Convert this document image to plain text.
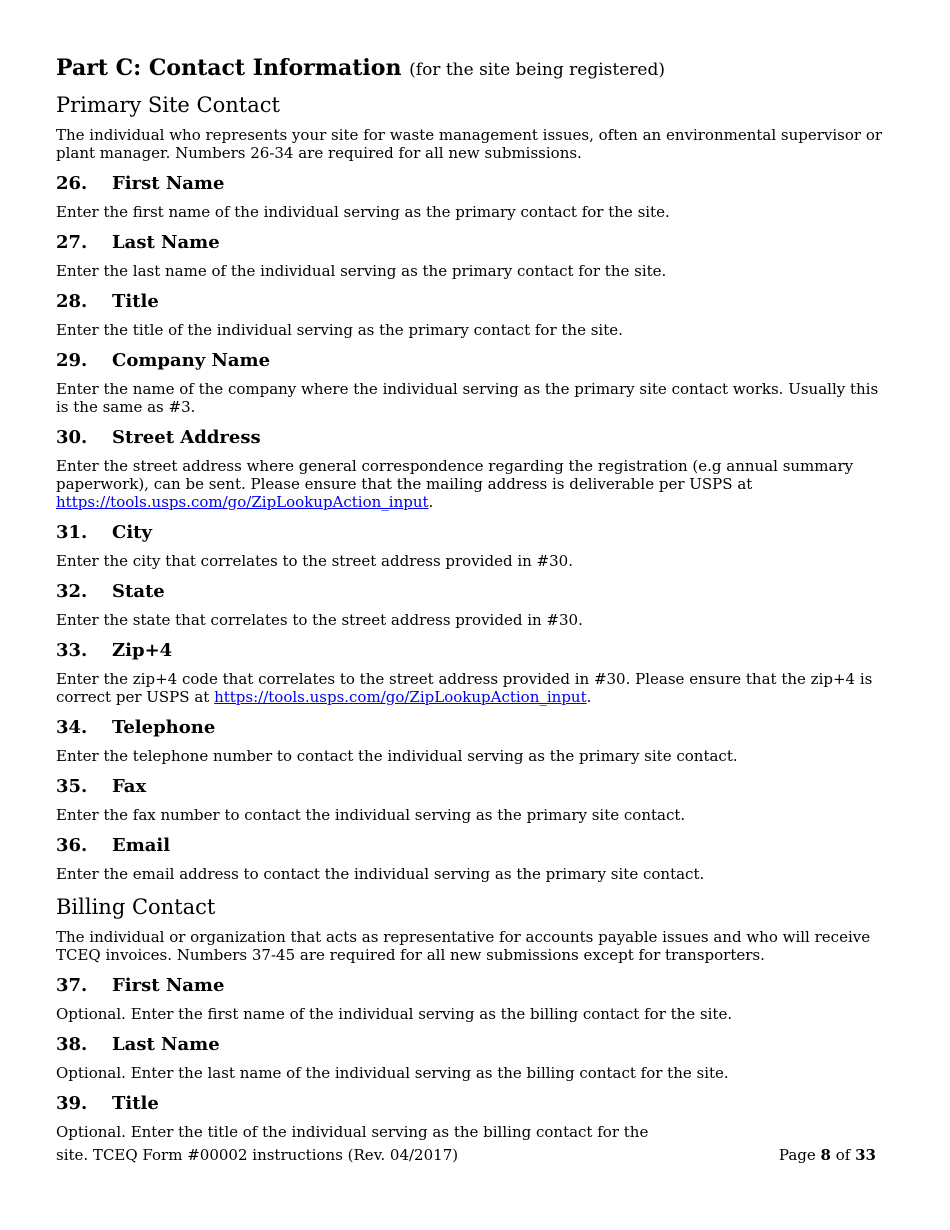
Part C: Contact Information (for the site being registered)
Primary Site Contact
The individual who represents your site for waste management issues, often an environmental supervisor or plant manager. Numbers 26-34 are required for all new submissions.
26.	First Name
Enter the first name of the individual serving as the primary contact for the site.
27.	Last Name
Enter the last name of the individual serving as the primary contact for the site.
28.	Title
Enter the title of the individual serving as the primary contact for the site.
29.	Company Name
Enter the name of the company where the individual serving as the primary site contact works. Usually this is the same as #3.
30.	Street Address
Enter the street address where general correspondence regarding the registration (e.g annual summary paperwork), can be sent. Please ensure that the mailing address is deliverable per USPS at https://tools.usps.com/go/ZipLookupAction_input.
31.	City
Enter the city that correlates to the street address provided in #30.
32.	State
Enter the state that correlates to the street address provided in #30.
33.	Zip+4
Enter the zip+4 code that correlates to the street address provided in #30. Please ensure that the zip+4 is correct per USPS at https://tools.usps.com/go/ZipLookupAction_input.
34.	Telephone
Enter the telephone number to contact the individual serving as the primary site contact.
35.	Fax
Enter the fax number to contact the individual serving as the primary site contact.
36.	Email
Enter the email address to contact the individual serving as the primary site contact.
Billing Contact
The individual or organization that acts as representative for accounts payable issues and who will receive TCEQ invoices. Numbers 37-45 are required for all new submissions except for transporters.
37.	First Name
Optional. Enter the first name of the individual serving as the billing contact for the site.
38.	Last Name
Optional. Enter the last name of the individual serving as the billing contact for the site.
39.	Title
Optional. Enter the title of the individual serving as the billing contact for the
site. TCEQ Form #00002 instructions (Rev. 04/2017)	Page 8 of 33
